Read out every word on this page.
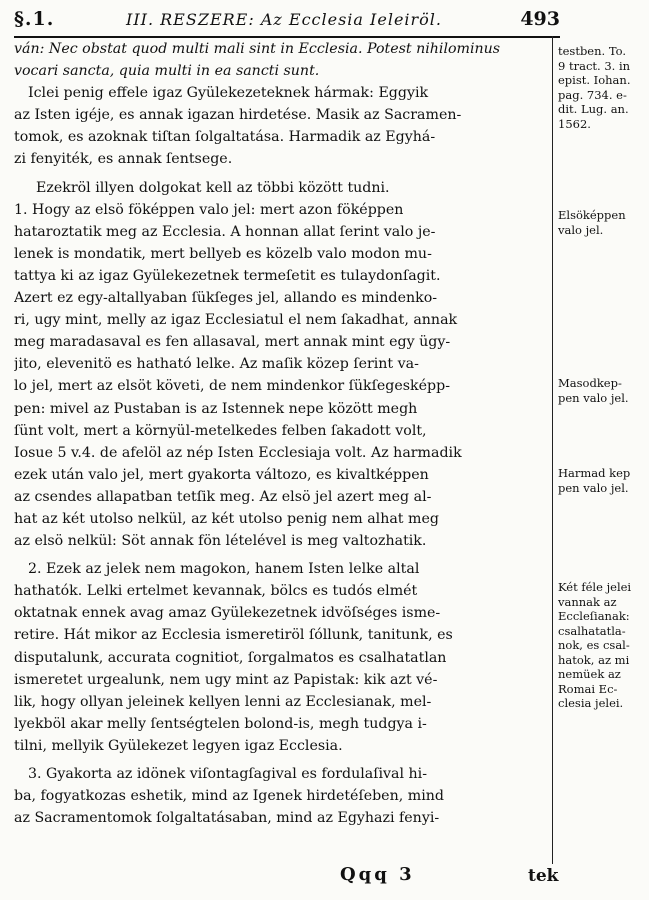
§.1.	III. RESZERE: Az Ecclesia Ieleiröl.	493
ván: Nec obstat quod multi mali sint in Ecclesia. Potest nihilominus
vocari sancta, quia multi in ea sancti sunt.
Iclei penig effele igaz Gyülekezeteknek hármak: Eggyik
az Isten igéje, es annak igazan hirdetése. Masik az Sacramen-
tomok, es azoknak tiſtan ſolgaltatása. Harmadik az Egyhá-
zi fenyiték, es annak ſentsege.
Ezekröl illyen dolgokat kell az többi között tudni.
1. Hogy az elsö föképpen valo jel: mert azon föképpen
hataroztatik meg az Ecclesia. A honnan allat ſerint valo je-
lenek is mondatik, mert bellyeb es közelb valo modon mu-
tattya ki az igaz Gyülekezetnek termeſetit es tulaydonſagit.
Azert ez egy-altallyaban ſükſeges jel, allando es mindenko-
ri, ugy mint, melly az igaz Ecclesiatul el nem ſakadhat, annak
meg maradasaval es fen allasaval, mert annak mint egy ügy-
jito, elevenitö es hatható lelke. Az maſik közep ſerint va-
lo jel, mert az elsöt követi, de nem mindenkor ſükſegesképp-
pen: mivel az Pustaban is az Istennek nepe között megh
ſünt volt, mert a környül-metelkedes felben ſakadott volt,
Iosue 5 v.4. de afelöl az nép Isten Ecclesiaja volt. Az harmadik
ezek után valo jel, mert gyakorta változo, es kivaltképpen
az csendes allapatban tetſik meg. Az elsö jel azert meg al-
hat az két utolso nelkül, az két utolso penig nem alhat meg
az elsö nelkül: Söt annak fön lételével is meg valtozhatik.
2. Ezek az jelek nem magokon, hanem Isten lelke altal
hathatók. Lelki ertelmet kevannak, bölcs es tudós elmét
oktatnak ennek avag amaz Gyülekezetnek idvöſséges isme-
retire. Hát mikor az Ecclesia ismeretiröl ſóllunk, tanitunk, es
disputalunk, accurata cognitiot, ſorgalmatos es csalhatatlan
ismeretet urgealunk, nem ugy mint az Papistak: kik azt vé-
lik, hogy ollyan jeleinek kellyen lenni az Ecclesianak, mel-
lyekböl akar melly ſentségtelen bolond-is, megh tudgya i-
tilni, mellyik Gyülekezet legyen igaz Ecclesia.
3. Gyakorta az idönek viſontagſagival es fordulaſival hi-
ba, fogyatkozas eshetik, mind az Igenek hirdetéſeben, mind
az Sacramentomok ſolgaltatásaban, mind az Egyhazi fenyi-
testben. To.
9 tract. 3. in
epist. Iohan.
pag. 734. e-
dit. Lug. an.
1562.
Elsöképpen
valo jel.
Masodkep-
pen valo jel.
Harmad kep
pen valo jel.
Két féle jelei
vannak az
Eccleſianak:
csalhatatla-
nok, es csal-
hatok, az mi
nemüek az
Romai Ec-
clesia jelei.
Qqq 3	tek
